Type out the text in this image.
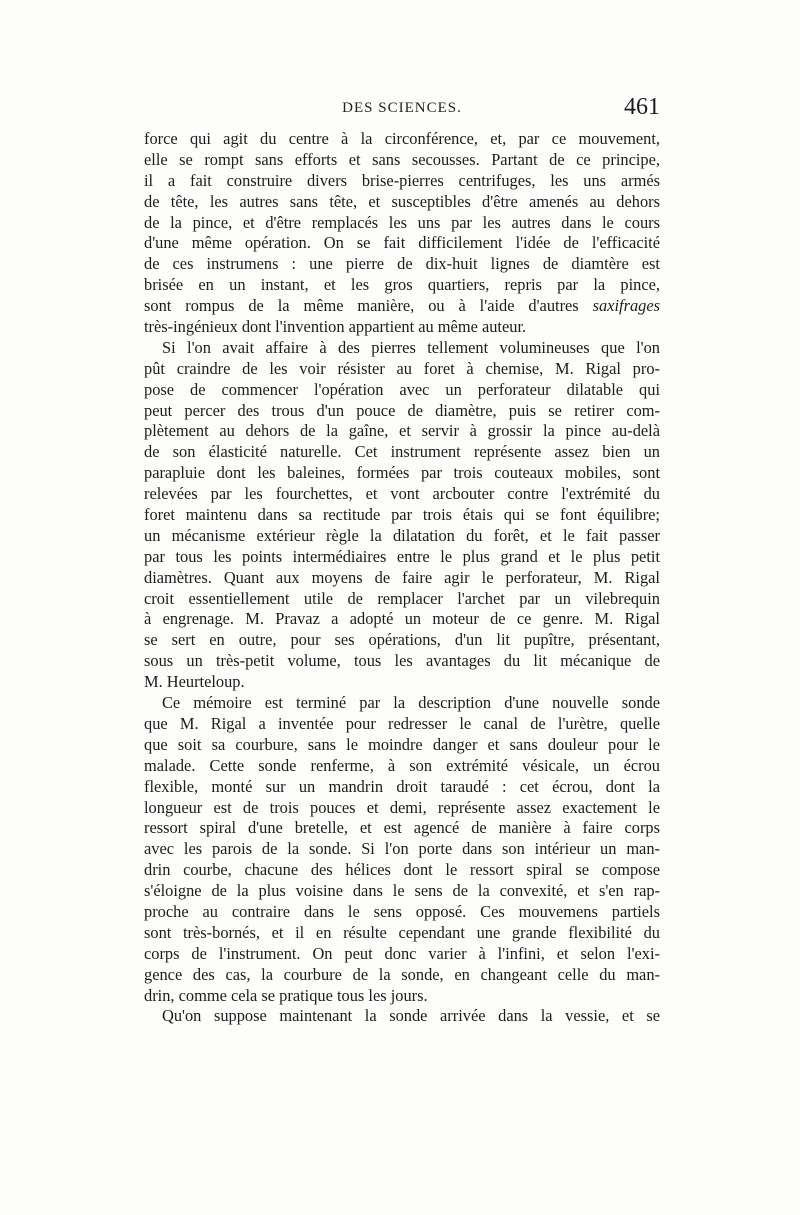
DES SCIENCES.	461
force qui agit du centre à la circonférence, et, par ce mouvement,
elle se rompt sans efforts et sans secousses. Partant de ce principe,
il a fait construire divers brise-pierres centrifuges, les uns armés
de tête, les autres sans tête, et susceptibles d'être amenés au dehors
de la pince, et d'être remplacés les uns par les autres dans le cours
d'une même opération. On se fait difficilement l'idée de l'efficacité
de ces instrumens : une pierre de dix-huit lignes de diamtère est
brisée en un instant, et les gros quartiers, repris par la pince,
sont rompus de la même manière, ou à l'aide d'autres saxifrages
très-ingénieux dont l'invention appartient au même auteur.
Si l'on avait affaire à des pierres tellement volumineuses que l'on
pût craindre de les voir résister au foret à chemise, M. Rigal pro-
pose de commencer l'opération avec un perforateur dilatable qui
peut percer des trous d'un pouce de diamètre, puis se retirer com-
plètement au dehors de la gaîne, et servir à grossir la pince au-delà
de son élasticité naturelle. Cet instrument représente assez bien un
parapluie dont les baleines, formées par trois couteaux mobiles, sont
relevées par les fourchettes, et vont arcbouter contre l'extrémité du
foret maintenu dans sa rectitude par trois étais qui se font équilibre;
un mécanisme extérieur règle la dilatation du forêt, et le fait passer
par tous les points intermédiaires entre le plus grand et le plus petit
diamètres. Quant aux moyens de faire agir le perforateur, M. Rigal
croit essentiellement utile de remplacer l'archet par un vilebrequin
à engrenage. M. Pravaz a adopté un moteur de ce genre. M. Rigal
se sert en outre, pour ses opérations, d'un lit pupître, présentant,
sous un très-petit volume, tous les avantages du lit mécanique de
M. Heurteloup.
Ce mémoire est terminé par la description d'une nouvelle sonde
que M. Rigal a inventée pour redresser le canal de l'urètre, quelle
que soit sa courbure, sans le moindre danger et sans douleur pour le
malade. Cette sonde renferme, à son extrémité vésicale, un écrou
flexible, monté sur un mandrin droit taraudé : cet écrou, dont la
longueur est de trois pouces et demi, représente assez exactement le
ressort spiral d'une bretelle, et est agencé de manière à faire corps
avec les parois de la sonde. Si l'on porte dans son intérieur un man-
drin courbe, chacune des hélices dont le ressort spiral se compose
s'éloigne de la plus voisine dans le sens de la convexité, et s'en rap-
proche au contraire dans le sens opposé. Ces mouvemens partiels
sont très-bornés, et il en résulte cependant une grande flexibilité du
corps de l'instrument. On peut donc varier à l'infini, et selon l'exi-
gence des cas, la courbure de la sonde, en changeant celle du man-
drin, comme cela se pratique tous les jours.
Qu'on suppose maintenant la sonde arrivée dans la vessie, et se
